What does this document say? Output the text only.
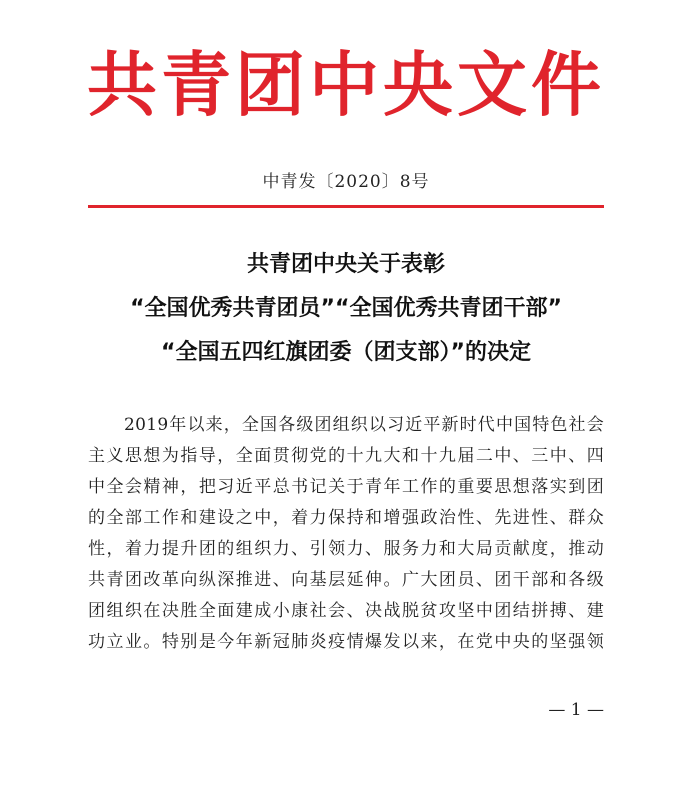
共青团中央文件
中青发〔2020〕8号
共青团中央关于表彰
“全国优秀共青团员”“全国优秀共青团干部”
“全国五四红旗团委（团支部）”的决定
2019年以来，全国各级团组织以习近平新时代中国特色社会
主义思想为指导，全面贯彻党的十九大和十九届二中、三中、四
中全会精神，把习近平总书记关于青年工作的重要思想落实到团
的全部工作和建设之中，着力保持和增强政治性、先进性、群众
性，着力提升团的组织力、引领力、服务力和大局贡献度，推动
共青团改革向纵深推进、向基层延伸。广大团员、团干部和各级
团组织在决胜全面建成小康社会、决战脱贫攻坚中团结拼搏、建
功立业。特别是今年新冠肺炎疫情爆发以来，在党中央的坚强领
— 1 —
